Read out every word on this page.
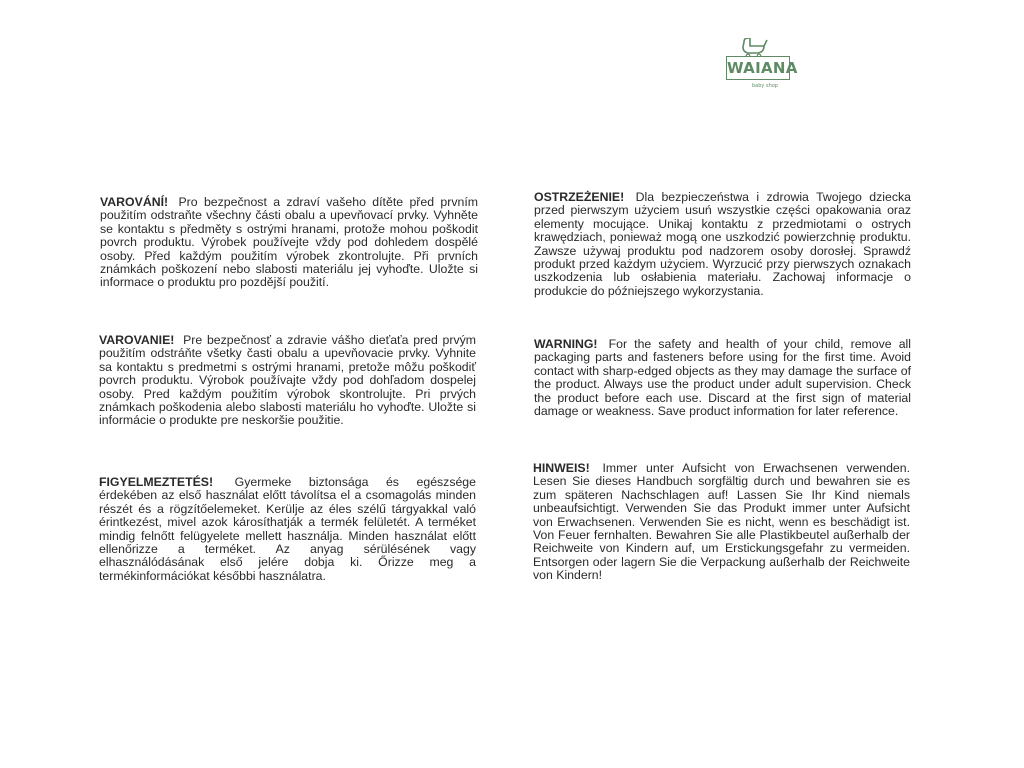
WAIANA
baby shop
VAROVÁNÍ! Pro bezpečnost a zdraví vašeho dítěte před prvním použitím odstraňte všechny části obalu a upevňovací prvky. Vyhněte se kontaktu s předměty s ostrými hranami, protože mohou poškodit povrch produktu. Výrobek používejte vždy pod dohledem dospělé osoby. Před každým použitím výrobek zkontrolujte. Při prvních známkách poškození nebo slabosti materiálu jej vyhoďte. Uložte si informace o produktu pro pozdější použití.
OSTRZEŻENIE! Dla bezpieczeństwa i zdrowia Twojego dziecka przed pierwszym użyciem usuń wszystkie części opakowania oraz elementy mocujące. Unikaj kontaktu z przedmiotami o ostrych krawędziach, ponieważ mogą one uszkodzić powierzchnię produktu. Zawsze używaj produktu pod nadzorem osoby dorosłej. Sprawdź produkt przed każdym użyciem. Wyrzucić przy pierwszych oznakach uszkodzenia lub osłabienia materiału. Zachowaj informacje o produkcie do późniejszego wykorzystania.
VAROVANIE! Pre bezpečnosť a zdravie vášho dieťaťa pred prvým použitím odstráňte všetky časti obalu a upevňovacie prvky. Vyhnite sa kontaktu s predmetmi s ostrými hranami, pretože môžu poškodiť povrch produktu. Výrobok používajte vždy pod dohľadom dospelej osoby. Pred každým použitím výrobok skontrolujte. Pri prvých známkach poškodenia alebo slabosti materiálu ho vyhoďte. Uložte si informácie o produkte pre neskoršie použitie.
WARNING! For the safety and health of your child, remove all packaging parts and fasteners before using for the first time. Avoid contact with sharp-edged objects as they may damage the surface of the product. Always use the product under adult supervision. Check the product before each use. Discard at the first sign of material damage or weakness. Save product information for later reference.
FIGYELMEZTETÉS! Gyermeke biztonsága és egészsége érdekében az első használat előtt távolítsa el a csomagolás minden részét és a rögzítőelemeket. Kerülje az éles szélű tárgyakkal való érintkezést, mivel azok károsíthatják a termék felületét. A terméket mindig felnőtt felügyelete mellett használja. Minden használat előtt ellenőrizze a terméket. Az anyag sérülésének vagy elhasználódásának első jelére dobja ki. Őrizze meg a termékinformációkat későbbi használatra.
HINWEIS! Immer unter Aufsicht von Erwachsenen verwenden. Lesen Sie dieses Handbuch sorgfältig durch und bewahren sie es zum späteren Nachschlagen auf! Lassen Sie Ihr Kind niemals unbeaufsichtigt. Verwenden Sie das Produkt immer unter Aufsicht von Erwachsenen. Verwenden Sie es nicht, wenn es beschädigt ist. Von Feuer fernhalten. Bewahren Sie alle Plastikbeutel außerhalb der Reichweite von Kindern auf, um Erstickungsgefahr zu vermeiden. Entsorgen oder lagern Sie die Verpackung außerhalb der Reichweite von Kindern!
